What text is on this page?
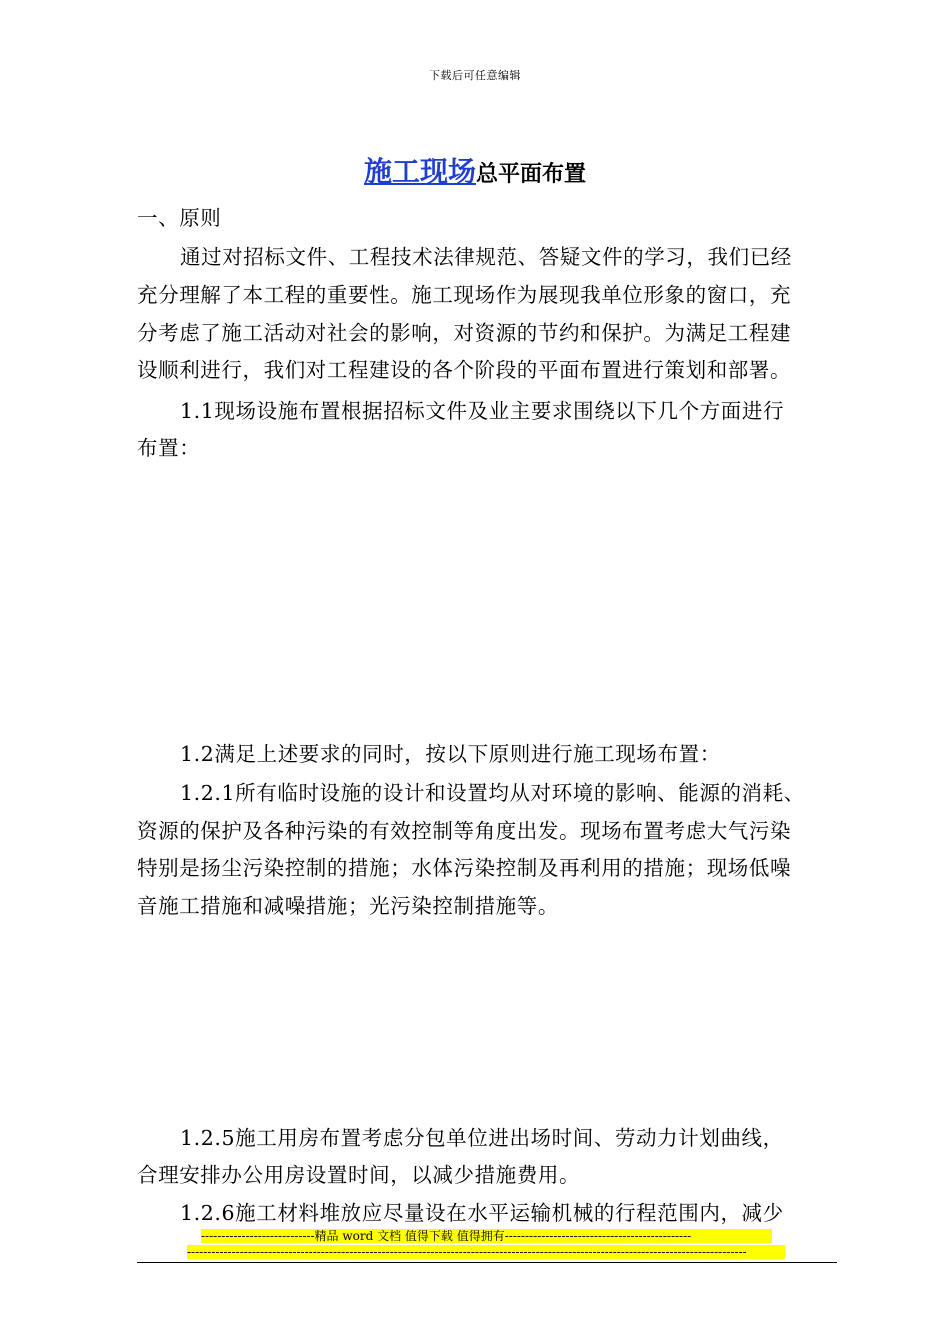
下载后可任意编辑
施工现场总平面布置
一、原则
通过对招标文件、工程技术法律规范、答疑文件的学习，我们已经
充分理解了本工程的重要性。施工现场作为展现我单位形象的窗口，充
分考虑了施工活动对社会的影响，对资源的节约和保护。为满足工程建
设顺利进行，我们对工程建设的各个阶段的平面布置进行策划和部署。
1.1现场设施布置根据招标文件及业主要求围绕以下几个方面进行
布置：
1.2满足上述要求的同时，按以下原则进行施工现场布置：
1.2.1所有临时设施的设计和设置均从对环境的影响、能源的消耗、
资源的保护及各种污染的有效控制等角度出发。现场布置考虑大气污染
特别是扬尘污染控制的措施；水体污染控制及再利用的措施；现场低噪
音施工措施和减噪措施；光污染控制措施等。
1.2.5施工用房布置考虑分包单位进出场时间、劳动力计划曲线，
合理安排办公用房设置时间，以减少措施费用。
1.2.6施工材料堆放应尽量设在水平运输机械的行程范围内，减少
----------------------------精品 word 文档 值得下载 值得拥有----------------------------------------------
------------------------------------------------------------------------------------------------------------------------------------------
